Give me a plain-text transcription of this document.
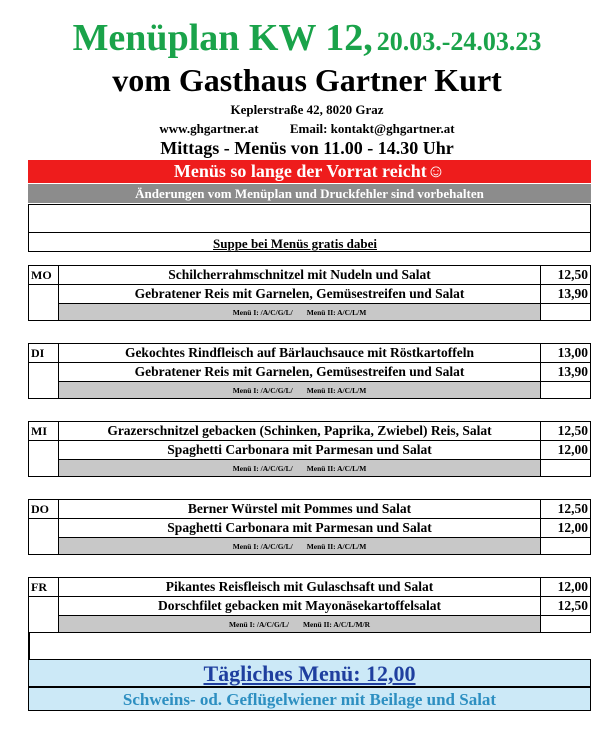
Menüplan KW 12, 20.03.-24.03.23
vom Gasthaus Gartner Kurt
Keplerstraße 42, 8020 Graz
www.ghgartner.at Email: kontakt@ghgartner.at
Mittags - Menüs von 11.00 - 14.30 Uhr
Menüs so lange der Vorrat reicht☺
Änderungen vom Menüplan und Druckfehler sind vorbehalten
Suppe bei Menüs gratis dabei
MO	Schilcherrahmschnitzel mit Nudeln und Salat	12,50
Gebratener Reis mit Garnelen, Gemüsestreifen und Salat	13,90
Menü I: /A/C/G/L/ Menü II: A/C/L/M
DI	Gekochtes Rindfleisch auf Bärlauchsauce mit Röstkartoffeln	13,00
Gebratener Reis mit Garnelen, Gemüsestreifen und Salat	13,90
Menü I: /A/C/G/L/ Menü II: A/C/L/M
MI	Grazerschnitzel gebacken (Schinken, Paprika, Zwiebel) Reis, Salat	12,50
Spaghetti Carbonara mit Parmesan und Salat	12,00
Menü I: /A/C/G/L/ Menü II: A/C/L/M
DO	Berner Würstel mit Pommes und Salat	12,50
Spaghetti Carbonara mit Parmesan und Salat	12,00
Menü I: /A/C/G/L/ Menü II: A/C/L/M
FR	Pikantes Reisfleisch mit Gulaschsaft und Salat	12,00
Dorschfilet gebacken mit Mayonäsekartoffelsalat	12,50
Menü I: /A/C/G/L/ Menü II: A/C/L/M/R
Tägliches Menü: 12,00
Schweins- od. Geflügelwiener mit Beilage und Salat
